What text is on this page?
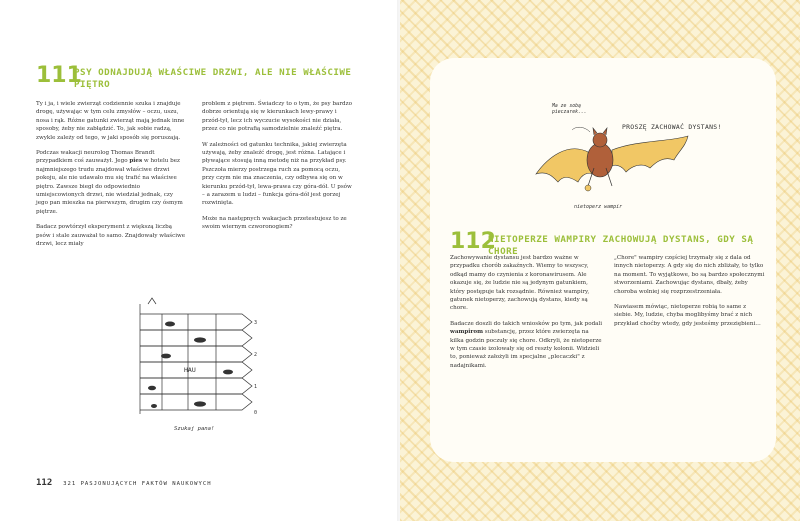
111
PSY ODNAJDUJĄ WŁAŚCIWE DRZWI, ALE NIE WŁAŚCIWE
PIĘTRO

Ty i ja, i wiele zwierząt codziennie szuka i znajduje drogę, używając w tym celu zmysłów – oczu, uszu, nosa i rąk. Różne gatunki zwierząt mają jednak inne sposoby, żeby nie zabłądzić. To, jak sobie radzą, zwykle zależy od tego, w jaki sposób się poruszają.

Podczas wakacji neurolog Thomas Brandt przypadkiem coś zauważył. Jego pies w hotelu bez najmniejszego trudu znajdował właściwe drzwi pokoju, ale nie udawało mu się trafić na właściwe piętro. Zawsze biegł do odpowiednio umiejscowionych drzwi, nie wiedział jednak, czy jego pan mieszka na pierwszym, drugim czy ósmym piętrze.

Badacz powtórzył eksperyment z większą liczbą psów i stale zauważał to samo. Znajdowały właściwe drzwi, lecz miały

problem z piętrem. Świadczy to o tym, że psy bardzo dobrze orientują się w kierunkach lewy-prawy i przód-tył, lecz ich wyczucie wysokości nie działa, przez co nie potrafią samodzielnie znaleźć piętra.

W zależności od gatunku technika, jakiej zwierzęta używają, żeby znaleźć drogę, jest różna. Latające i pływające stosują inną metodę niż na przykład psy. Pszczoła mierzy postrzega ruch za pomocą oczu, przy czym nie ma znaczenia, czy odbywa się on w kierunku przód-tył, lewa-prawa czy góra-dół. U psów – a zarazem u ludzi – funkcja góra-dół jest gorzej rozwinięta.

Może na następnych wakacjach przetestujesz to ze swoim wiernym czworonogiem?

HAU
3
2
1
0
Szukaj pana!
112 321 PASJONUJĄCYCH FAKTÓW NAUKOWYCH
Ma ze sobą
pieczarek...
PROSZĘ ZACHOWAĆ DYSTANS!
nietoperz wampir
112
NIETOPERZE WAMPIRY ZACHOWUJĄ DYSTANS, GDY SĄ CHORE

Zachowywanie dystansu jest bardzo ważne w przypadku chorób zakaźnych. Wiemy to wszyscy, odkąd mamy do czynienia z koronawirusem. Ale okazuje się, że ludzie nie są jedynym gatunkiem, który postępuje tak rozsądnie. Również wampiry, gatunek nietoperzy, zachowują dystans, kiedy są chore.

Badacze doszli do takich wniosków po tym, jak podali wampirom substancję, przez które zwierzęta na kilka godzin poczuły się chore. Odkryli, że nietoperze w tym czasie izolowały się od reszty kolonii. Widzieli to, ponieważ założyli im specjalne „plecaczki" z nadajnikami.

„Chore" wampiry częściej trzymały się z dala od innych nietoperzy. A gdy się do nich zbliżały, to tylko na moment. To wyjątkowe, bo są bardzo społecznymi stworzeniami. Zachowując dystans, dbały, żeby choroba wolniej się rozprzestrzeniała.

Nawiasem mówiąc, nietoperze robią to same z siebie. My, ludzie, chyba moglibyśmy brać z nich przykład choćby wtedy, gdy jesteśmy przeziębieni…
